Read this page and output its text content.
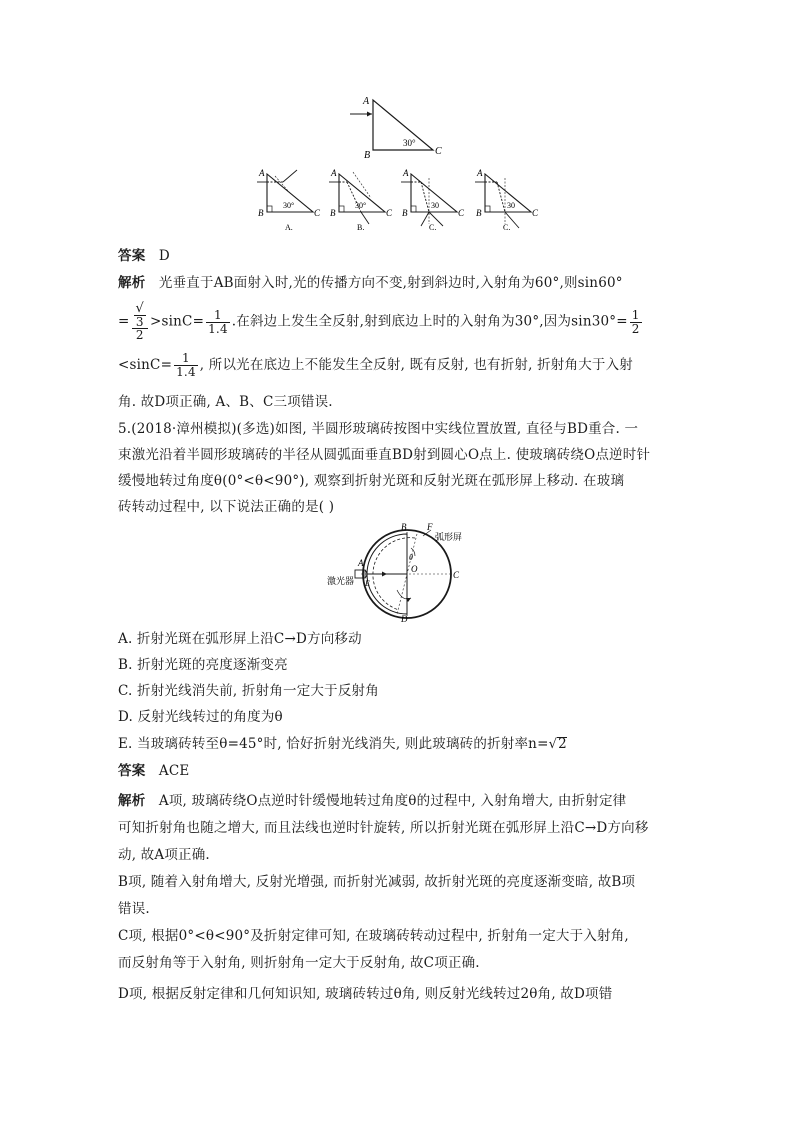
A
B	C
30°
A
B	C
30°
A.
A
B	C
30°
B.
A
B	C
30
C.
A
B	C
30
C.
答案 D
解析 光垂直于AB面射入时,光的传播方向不变,射到斜边时,入射角为60°,则sin60°
= √
3
$2 >\sin C= \frac{1}{1.4}$ .在斜边上发生全反射,射到底边上时的入射角为30°,因为$\sin 30^\circ= \frac{1}{2}$
$<\sin C= \frac{1}{1.4}$ , 所以光在底边上不能发生全反射, 既有反射, 也有折射, 折射角大于入射
角. 故D项正确, A、B、C三项错误.
5.(2018·漳州模拟)(多选)如图, 半圆形玻璃砖按图中实线位置放置, 直径与BD重合. 一
束激光沿着半圆形玻璃砖的半径从圆弧面垂直BD射到圆心O点上. 使玻璃砖绕O点逆时针
缓慢地转过角度θ(0°<θ<90°), 观察到折射光斑和反射光斑在弧形屏上移动. 在玻璃
砖转动过程中, 以下说法正确的是( )
B F
弧形屏
θ
O
A
E
C
D
激光器
A. 折射光斑在弧形屏上沿C→D方向移动
B. 折射光斑的亮度逐渐变亮
C. 折射光线消失前, 折射角一定大于反射角
D. 反射光线转过的角度为θ
E. 当玻璃砖转至θ=45°时, 恰好折射光线消失, 则此玻璃砖的折射率n=√2
答案 ACE
解析 A项, 玻璃砖绕O点逆时针缓慢地转过角度θ的过程中, 入射角增大, 由折射定律
可知折射角也随之增大, 而且法线也逆时针旋转, 所以折射光斑在弧形屏上沿C→D方向移
动, 故A项正确.
B项, 随着入射角增大, 反射光增强, 而折射光减弱, 故折射光斑的亮度逐渐变暗, 故B项
错误.
C项, 根据0°<θ<90°及折射定律可知, 在玻璃砖转动过程中, 折射角一定大于入射角,
而反射角等于入射角, 则折射角一定大于反射角, 故C项正确.
D项, 根据反射定律和几何知识知, 玻璃砖转过θ角, 则反射光线转过2θ角, 故D项错
